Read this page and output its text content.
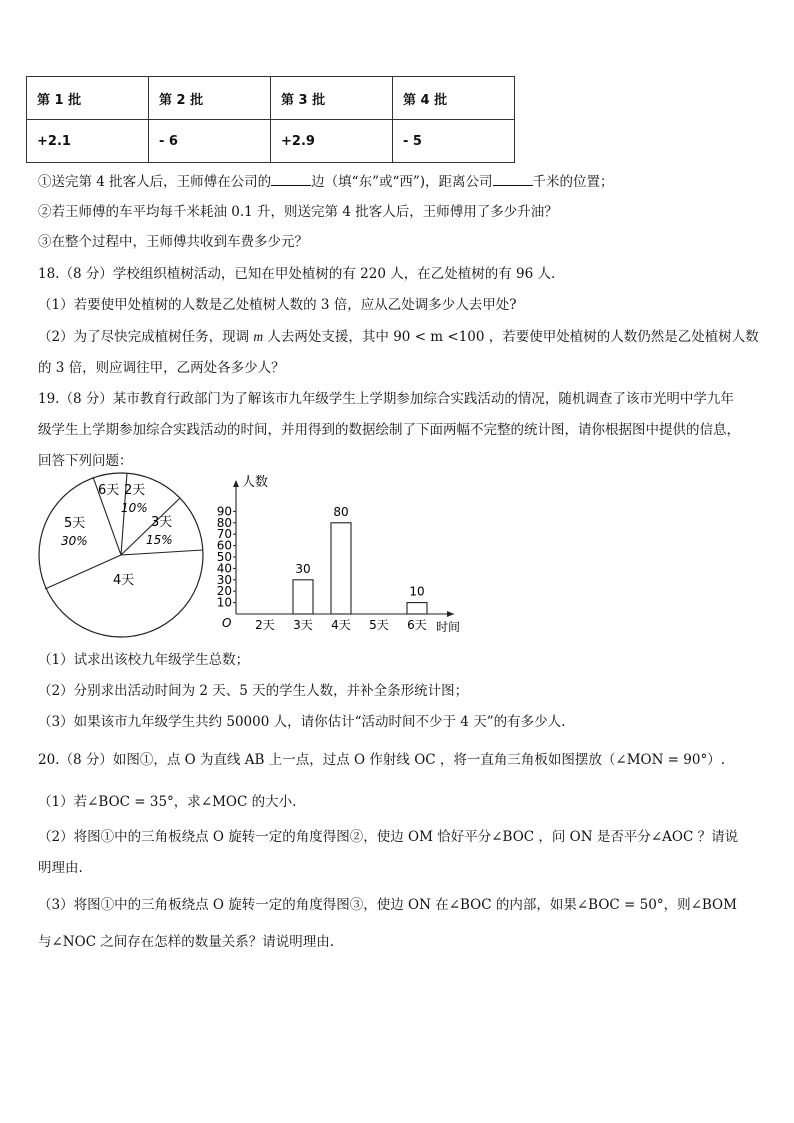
第 1 批	第 2 批	第 3 批	第 4 批
+2.1	- 6	+2.9	- 5
①送完第 4 批客人后，王师傅在公司的	边（填“东”或“西”)，距离公司	千米的位置；
②若王师傅的车平均每千米耗油 0.1 升，则送完第 4 批客人后，王师傅用了多少升油？
③在整个过程中，王师傅共收到车费多少元？
18.（8 分）学校组织植树活动，已知在甲处植树的有 220 人，在乙处植树的有 96 人.
（1）若要使甲处植树的人数是乙处植树人数的 3 倍，应从乙处调多少人去甲处?
（2）为了尽快完成植树任务，现调 m 人去两处支援，其中 90 < m <100 ，若要使甲处植树的人数仍然是乙处植树人数
的 3 倍，则应调往甲，乙两处各多少人？
19.（8 分）某市教育行政部门为了解该市九年级学生上学期参加综合实践活动的情况，随机调查了该市光明中学九年
级学生上学期参加综合实践活动的时间，并用得到的数据绘制了下面两幅不完整的统计图，请你根据图中提供的信息，
回答下列问题：
6天 2天
10%
3天
15%
4天
5天
30%
人数
时间
O
10
20
30
40
50
60
70
80
90
2天 3天
30
4天
80
5天 6天
10
（1）试求出该校九年级学生总数；
（2）分别求出活动时间为 2 天、5 天的学生人数，并补全条形统计图；
（3）如果该市九年级学生共约 50000 人，请你估计“活动时间不少于 4 天”的有多少人.
20.（8 分）如图①，点 O 为直线 AB 上一点，过点 O 作射线 OC ，将一直角三角板如图摆放（∠MON = 90°）.
（1）若∠BOC = 35°，求∠MOC 的大小.
（2）将图①中的三角板绕点 O 旋转一定的角度得图②，使边 OM 恰好平分∠BOC ，问 ON 是否平分∠AOC ？请说
明理由.
（3）将图①中的三角板绕点 O 旋转一定的角度得图③，使边 ON 在∠BOC 的内部，如果∠BOC = 50°，则∠BOM
与∠NOC 之间存在怎样的数量关系？请说明理由.
